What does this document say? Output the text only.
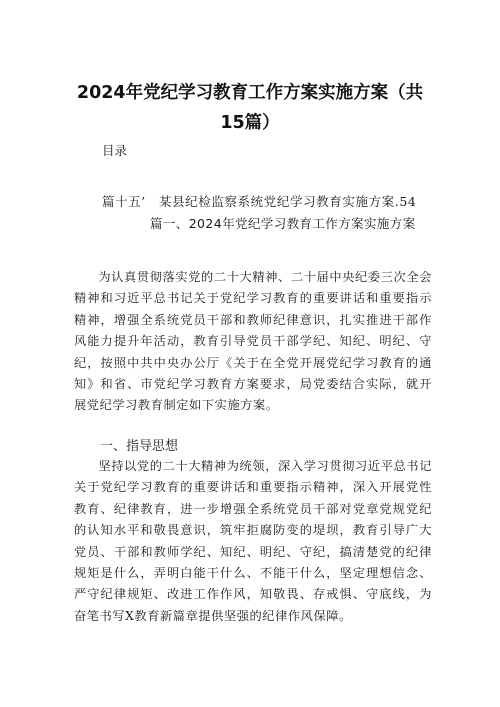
2024年党纪学习教育工作方案实施方案（共15篇）
目录
篇十五’　某县纪检监察系统党纪学习教育实施方案.54
篇一、2024年党纪学习教育工作方案实施方案

为认真贯彻落实党的二十大精神、二十届中央纪委三次全会精神和习近平总书记关于党纪学习教育的重要讲话和重要指示精神，增强全系统党员干部和教师纪律意识，扎实推进干部作风能力提升年活动，教育引导党员干部学纪、知纪、明纪、守纪，按照中共中央办公厅《关于在全党开展党纪学习教育的通知》和省、市党纪学习教育方案要求，局党委结合实际，就开展党纪学习教育制定如下实施方案。

一、指导思想

坚持以党的二十大精神为统领，深入学习贯彻习近平总书记关于党纪学习教育的重要讲话和重要指示精神，深入开展党性教育、纪律教育，进一步增强全系统党员干部对党章党规党纪的认知水平和敬畏意识，筑牢拒腐防变的堤坝，教育引导广大党员、干部和教师学纪、知纪、明纪、守纪，搞清楚党的纪律规矩是什么，弄明白能干什么、不能干什么，坚定理想信念、严守纪律规矩、改进工作作风，知敬畏、存戒惧、守底线，为奋笔书写X教育新篇章提供坚强的纪律作风保障。
